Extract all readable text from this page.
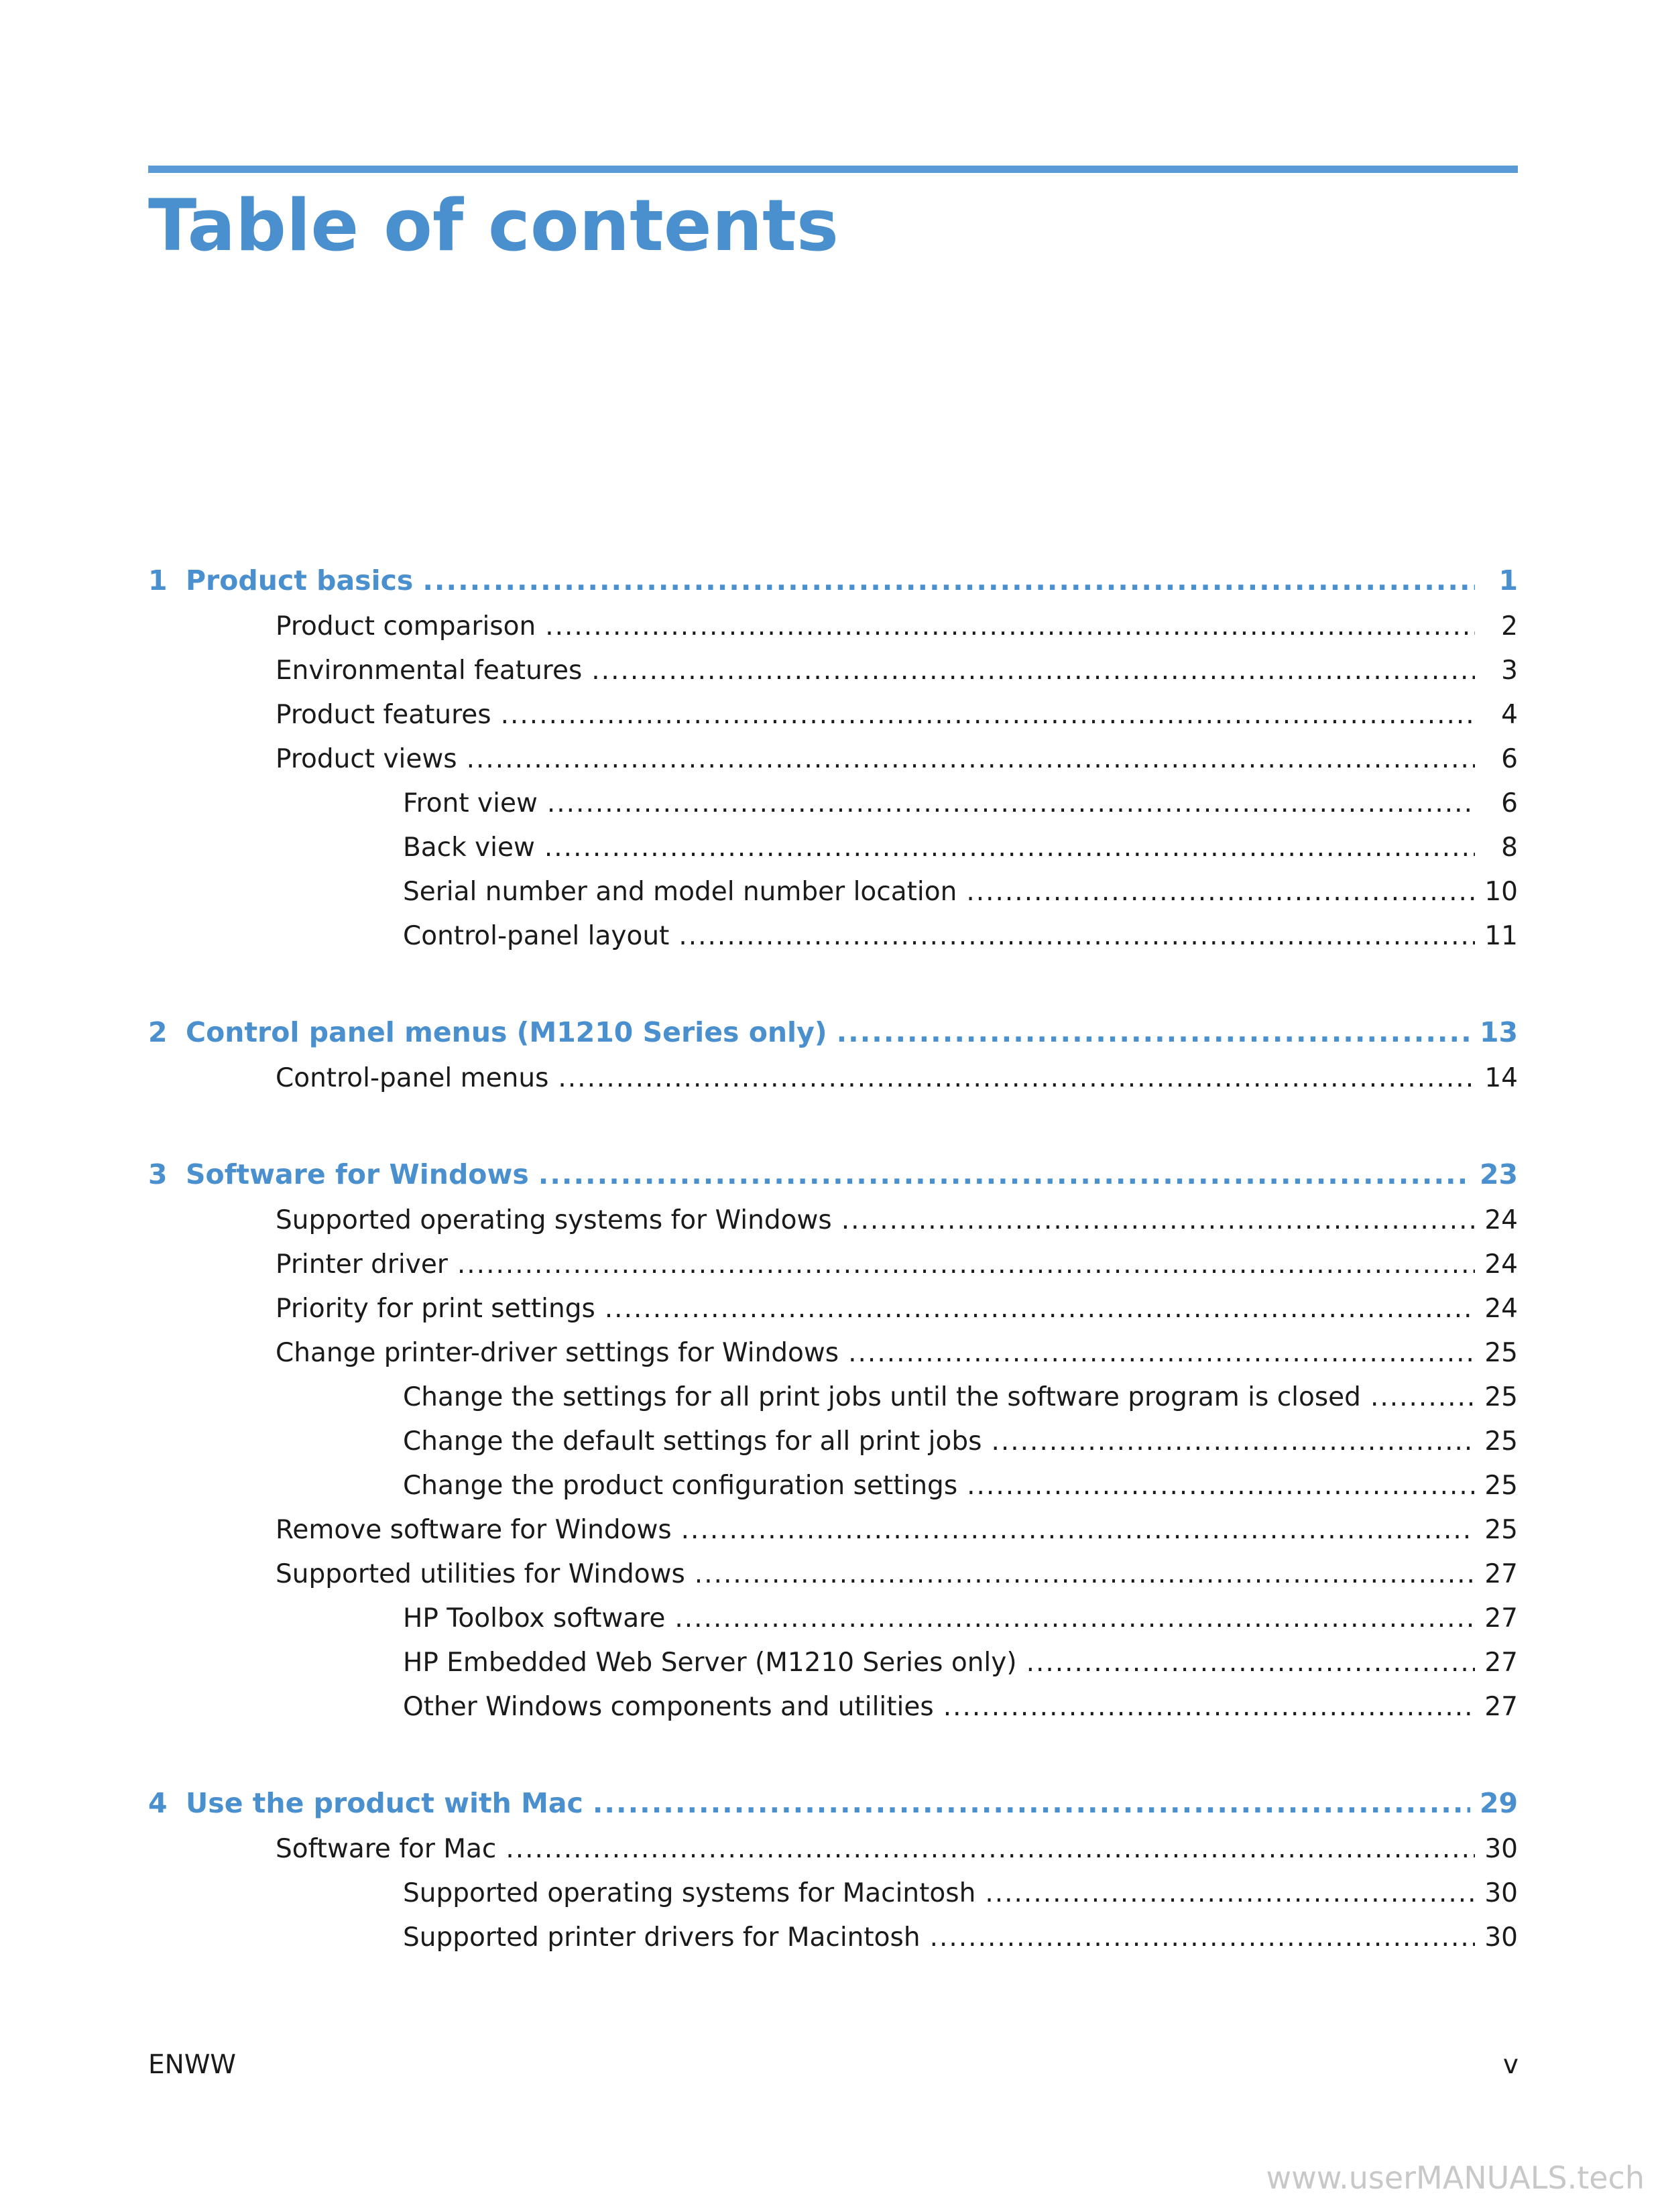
Table of contents
1 Product basics .....	1
Product comparison .....	2
Environmental features .....	3
Product features .....	4
Product views .....	6
Front view .....	6
Back view .....	8
Serial number and model number location .....	10
Control-panel layout .....	11
2 Control panel menus (M1210 Series only) .....	13
Control-panel menus .....	14
3 Software for Windows .....	23
Supported operating systems for Windows .....	24
Printer driver .....	24
Priority for print settings .....	24
Change printer-driver settings for Windows .....	25
Change the settings for all print jobs until the software program is closed .....	25
Change the default settings for all print jobs .....	25
Change the product configuration settings .....	25
Remove software for Windows .....	25
Supported utilities for Windows .....	27
HP Toolbox software .....	27
HP Embedded Web Server (M1210 Series only) .....	27
Other Windows components and utilities .....	27
4 Use the product with Mac .....	29
Software for Mac .....	30
Supported operating systems for Macintosh .....	30
Supported printer drivers for Macintosh .....	30
ENWW	v
www.userMANUALS.tech
